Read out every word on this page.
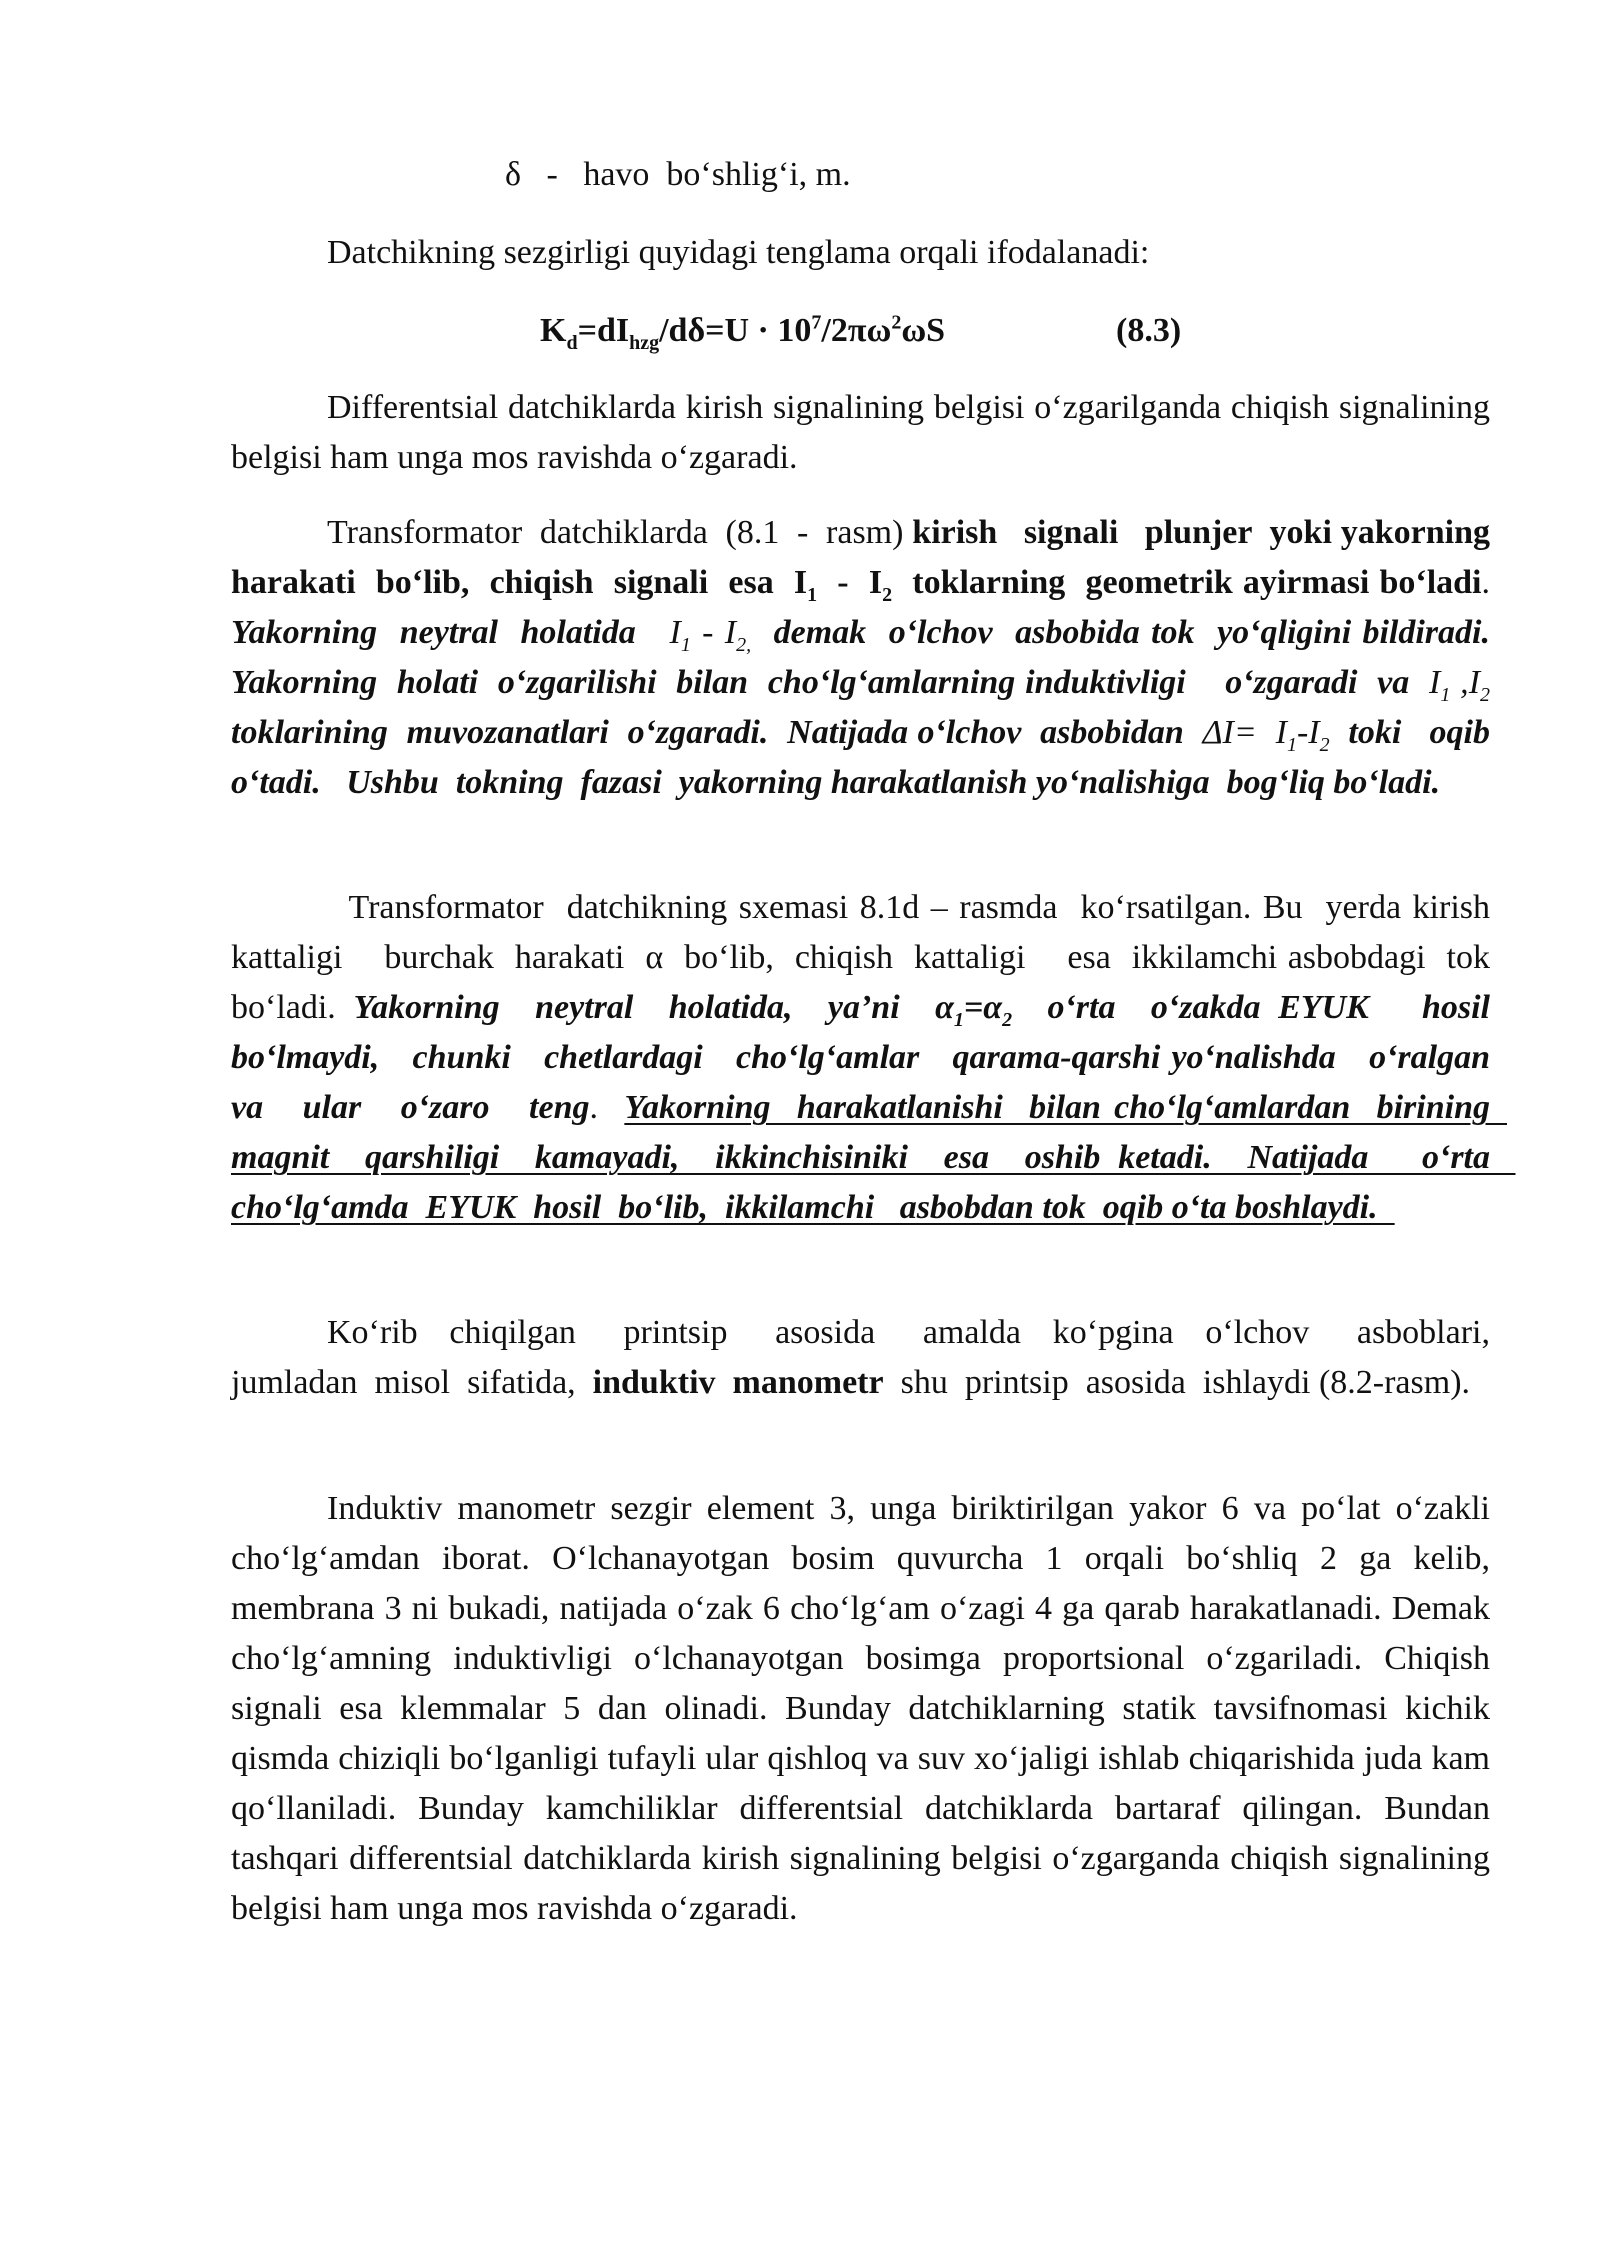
δ   -   havo  bo‘shlig‘i, m.

Datchikning sezgirligi quyidagi tenglama orqali ifodalanadi:

$K_d=dI_{hzg}/d\delta=U \cdot 10^7/2\pi\omega^2\omega S$	(8.3)

Differentsial datchiklarda kirish signalining belgisi o‘zgarilganda chiqish signalining belgisi ham unga mos ravishda o‘zgaradi.

Transformator  datchiklarda  (8.1  -  rasm) kirish   signali   plunjer  yoki yakorning  harakati  bo‘lib,  chiqish  signali  esa  $I_1 - I_2$  toklarning  geometrik ayirmasi bo‘ladi. Yakorning  neytral  holatida   $I_1 - I_{2,}$  demak  o‘lchov  asbobida tok  yo‘qligini bildiradi. Yakorning  holati  o‘zgarilishi  bilan  cho‘lg‘amlarning induktivligi    o‘zgaradi  va  $I_1$ $,I_2$  toklarining  muvozanatlari  o‘zgaradi.  Natijada o‘lchov  asbobidan  $\Delta I= I_1-I_2$  toki   oqib  o‘tadi.   Ushbu  tokning  fazasi  yakorning harakatlanish yo‘nalishiga  bog‘liq bo‘ladi.

Transformator  datchikning sxemasi 8.1d – rasmda  ko‘rsatilgan. Bu  yerda kirish    kattaligi    burchak  harakati  α  bo‘lib,  chiqish  kattaligi    esa  ikkilamchi asbobdagi  tok  bo‘ladi. Yakorning  neytral  holatida,  ya’ni  $\alpha_1=\alpha_2$  o‘rta  o‘zakda EYUK   hosil   bo‘lmaydi,   chunki   chetlardagi   cho‘lg‘amlar   qarama-qarshi yo‘nalishda   o‘ralgan   va   ular   o‘zaro   teng.  Yakorning  harakatlanishi  bilan cho‘lg‘amlardan  birining  magnit  qarshiligi  kamayadi,  ikkinchisiniki  esa  oshib ketadi.  Natijada   o‘rta   cho‘lg‘amda  EYUK  hosil  bo‘lib,  ikkilamchi   asbobdan tok  oqib o‘ta boshlaydi.

Ko‘rib  chiqilgan   printsip   asosida   amalda  ko‘pgina  o‘lchov   asboblari, jumladan  misol  sifatida,  induktiv  manometr  shu  printsip  asosida  ishlaydi (8.2-rasm).

Induktiv manometr sezgir element 3, unga biriktirilgan yakor 6 va po‘lat o‘zakli cho‘lg‘amdan iborat. O‘lchanayotgan bosim quvurcha 1 orqali bo‘shliq 2 ga kelib, membrana 3 ni bukadi, natijada o‘zak 6 cho‘lg‘am o‘zagi 4 ga qarab harakatlanadi. Demak cho‘lg‘amning induktivligi o‘lchanayotgan bosimga proportsional o‘zgariladi. Chiqish signali esa klemmalar 5 dan olinadi. Bunday datchiklarning statik tavsifnomasi kichik qismda chiziqli bo‘lganligi tufayli ular qishloq va suv xo‘jaligi ishlab chiqarishida juda kam qo‘llaniladi. Bunday kamchiliklar differentsial datchiklarda bartaraf qilingan. Bundan tashqari differentsial datchiklarda kirish signalining belgisi o‘zgarganda chiqish signalining belgisi ham unga mos ravishda o‘zgaradi.
